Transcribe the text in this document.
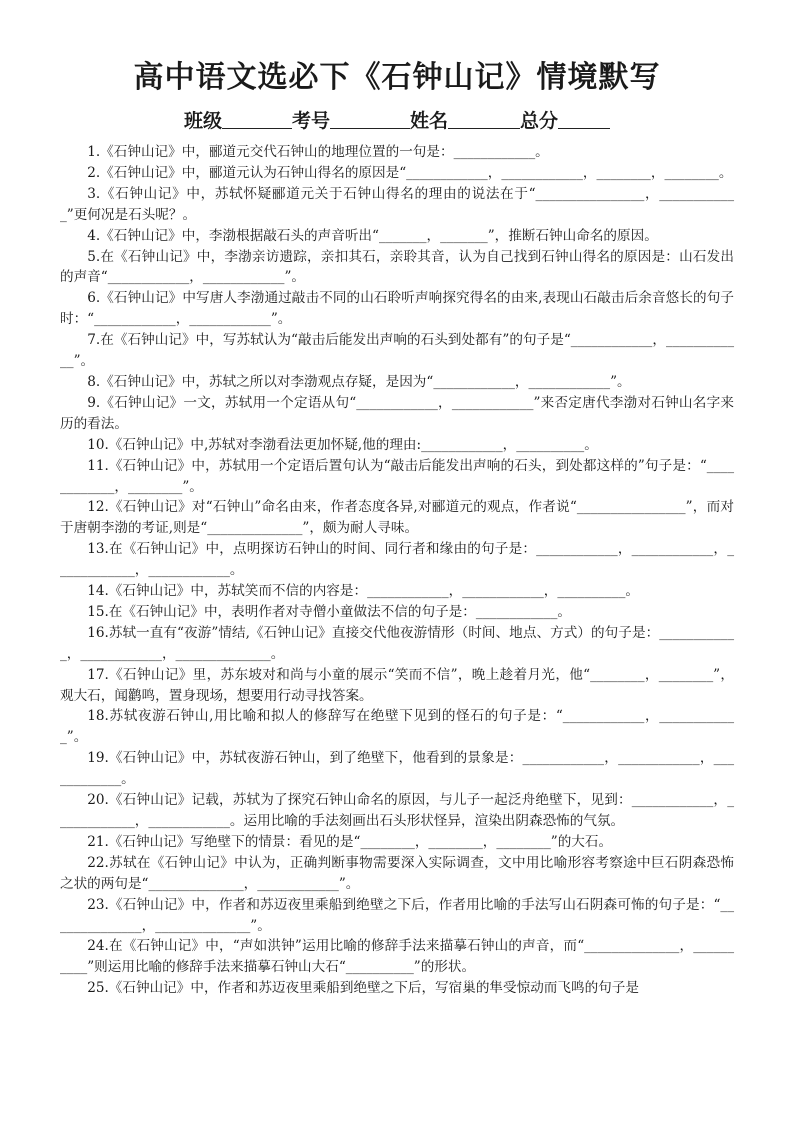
高中语文选必下《石钟山记》情境默写
班级	考号	姓名	总分

1.《石钟山记》中，郦道元交代石钟山的地理位置的一句是：____________。

2.《石钟山记》中，郦道元认为石钟山得名的原因是“____________，____________，________，________。

3.《石钟山记》中，苏轼怀疑郦道元关于石钟山得名的理由的说法在于“________________，____________”更何况是石头呢？。

4.《石钟山记》中，李渤根据敲石头的声音听出“_______，_______”，推断石钟山命名的原因。

5.在《石钟山记》中，李渤亲访遗踪，亲扣其石，亲聆其音，认为自己找到石钟山得名的原因是：山石发出的声音“____________，____________”。

6.《石钟山记》中写唐人李渤通过敲击不同的山石聆听声响探究得名的由来,表现山石敲击后余音悠长的句子时：“____________，____________”。

7.在《石钟山记》中，写苏轼认为“敲击后能发出声响的石头到处都有”的句子是“____________，____________”。

8.《石钟山记》中，苏轼之所以对李渤观点存疑，是因为“____________，____________”。

9.《石钟山记》一文，苏轼用一个定语从句“____________，____________”来否定唐代李渤对石钟山名字来历的看法。

10.《石钟山记》中,苏轼对李渤看法更加怀疑,他的理由:____________，__________。

11.《石钟山记》中，苏轼用一个定语后置句认为“敲击后能发出声响的石头，到处都这样的”句子是：“____________，________”。

12.《石钟山记》对“石钟山”命名由来，作者态度各异,对郦道元的观点，作者说“________________”，而对于唐朝李渤的考证,则是“______________”，颇为耐人寻味。

13.在《石钟山记》中，点明探访石钟山的时间、同行者和缘由的句子是：____________，____________，____________，____________。

14.《石钟山记》中，苏轼笑而不信的内容是：____________，____________，__________。

15.在《石钟山记》中，表明作者对寺僧小童做法不信的句子是：____________。

16.苏轼一直有“夜游”情结,《石钟山记》直接交代他夜游情形（时间、地点、方式）的句子是：____________，____________，______________。

17.《石钟山记》里，苏东坡对和尚与小童的展示“笑而不信”，晚上趁着月光，他“________，________”，观大石，闻鹳鸣，置身现场，想要用行动寻找答案。

18.苏轼夜游石钟山,用比喻和拟人的修辞写在绝壁下见到的怪石的句子是：“____________，____________”。

19.《石钟山记》中，苏轼夜游石钟山，到了绝壁下，他看到的景象是：____________，____________，____________。

20.《石钟山记》记载，苏轼为了探究石钟山命名的原因，与儿子一起泛舟绝壁下，见到：____________，____________，____________。运用比喻的手法刻画出石头形状怪异，渲染出阴森恐怖的气氛。

21.《石钟山记》写绝壁下的情景：看见的是“________，________，________”的大石。

22.苏轼在《石钟山记》中认为，正确判断事物需要深入实际调查，文中用比喻形容考察途中巨石阴森恐怖之状的两句是“______________，____________”。

23.《石钟山记》中，作者和苏迈夜里乘船到绝壁之下后，作者用比喻的手法写山石阴森可怖的句子是：“______________，______________”。

24.在《石钟山记》中，“声如洪钟”运用比喻的修辞手法来描摹石钟山的声音，而“______________，__________”则运用比喻的修辞手法来描摹石钟山大石“__________”的形状。

25.《石钟山记》中，作者和苏迈夜里乘船到绝壁之下后，写宿巢的隼受惊动而飞鸣的句子是
